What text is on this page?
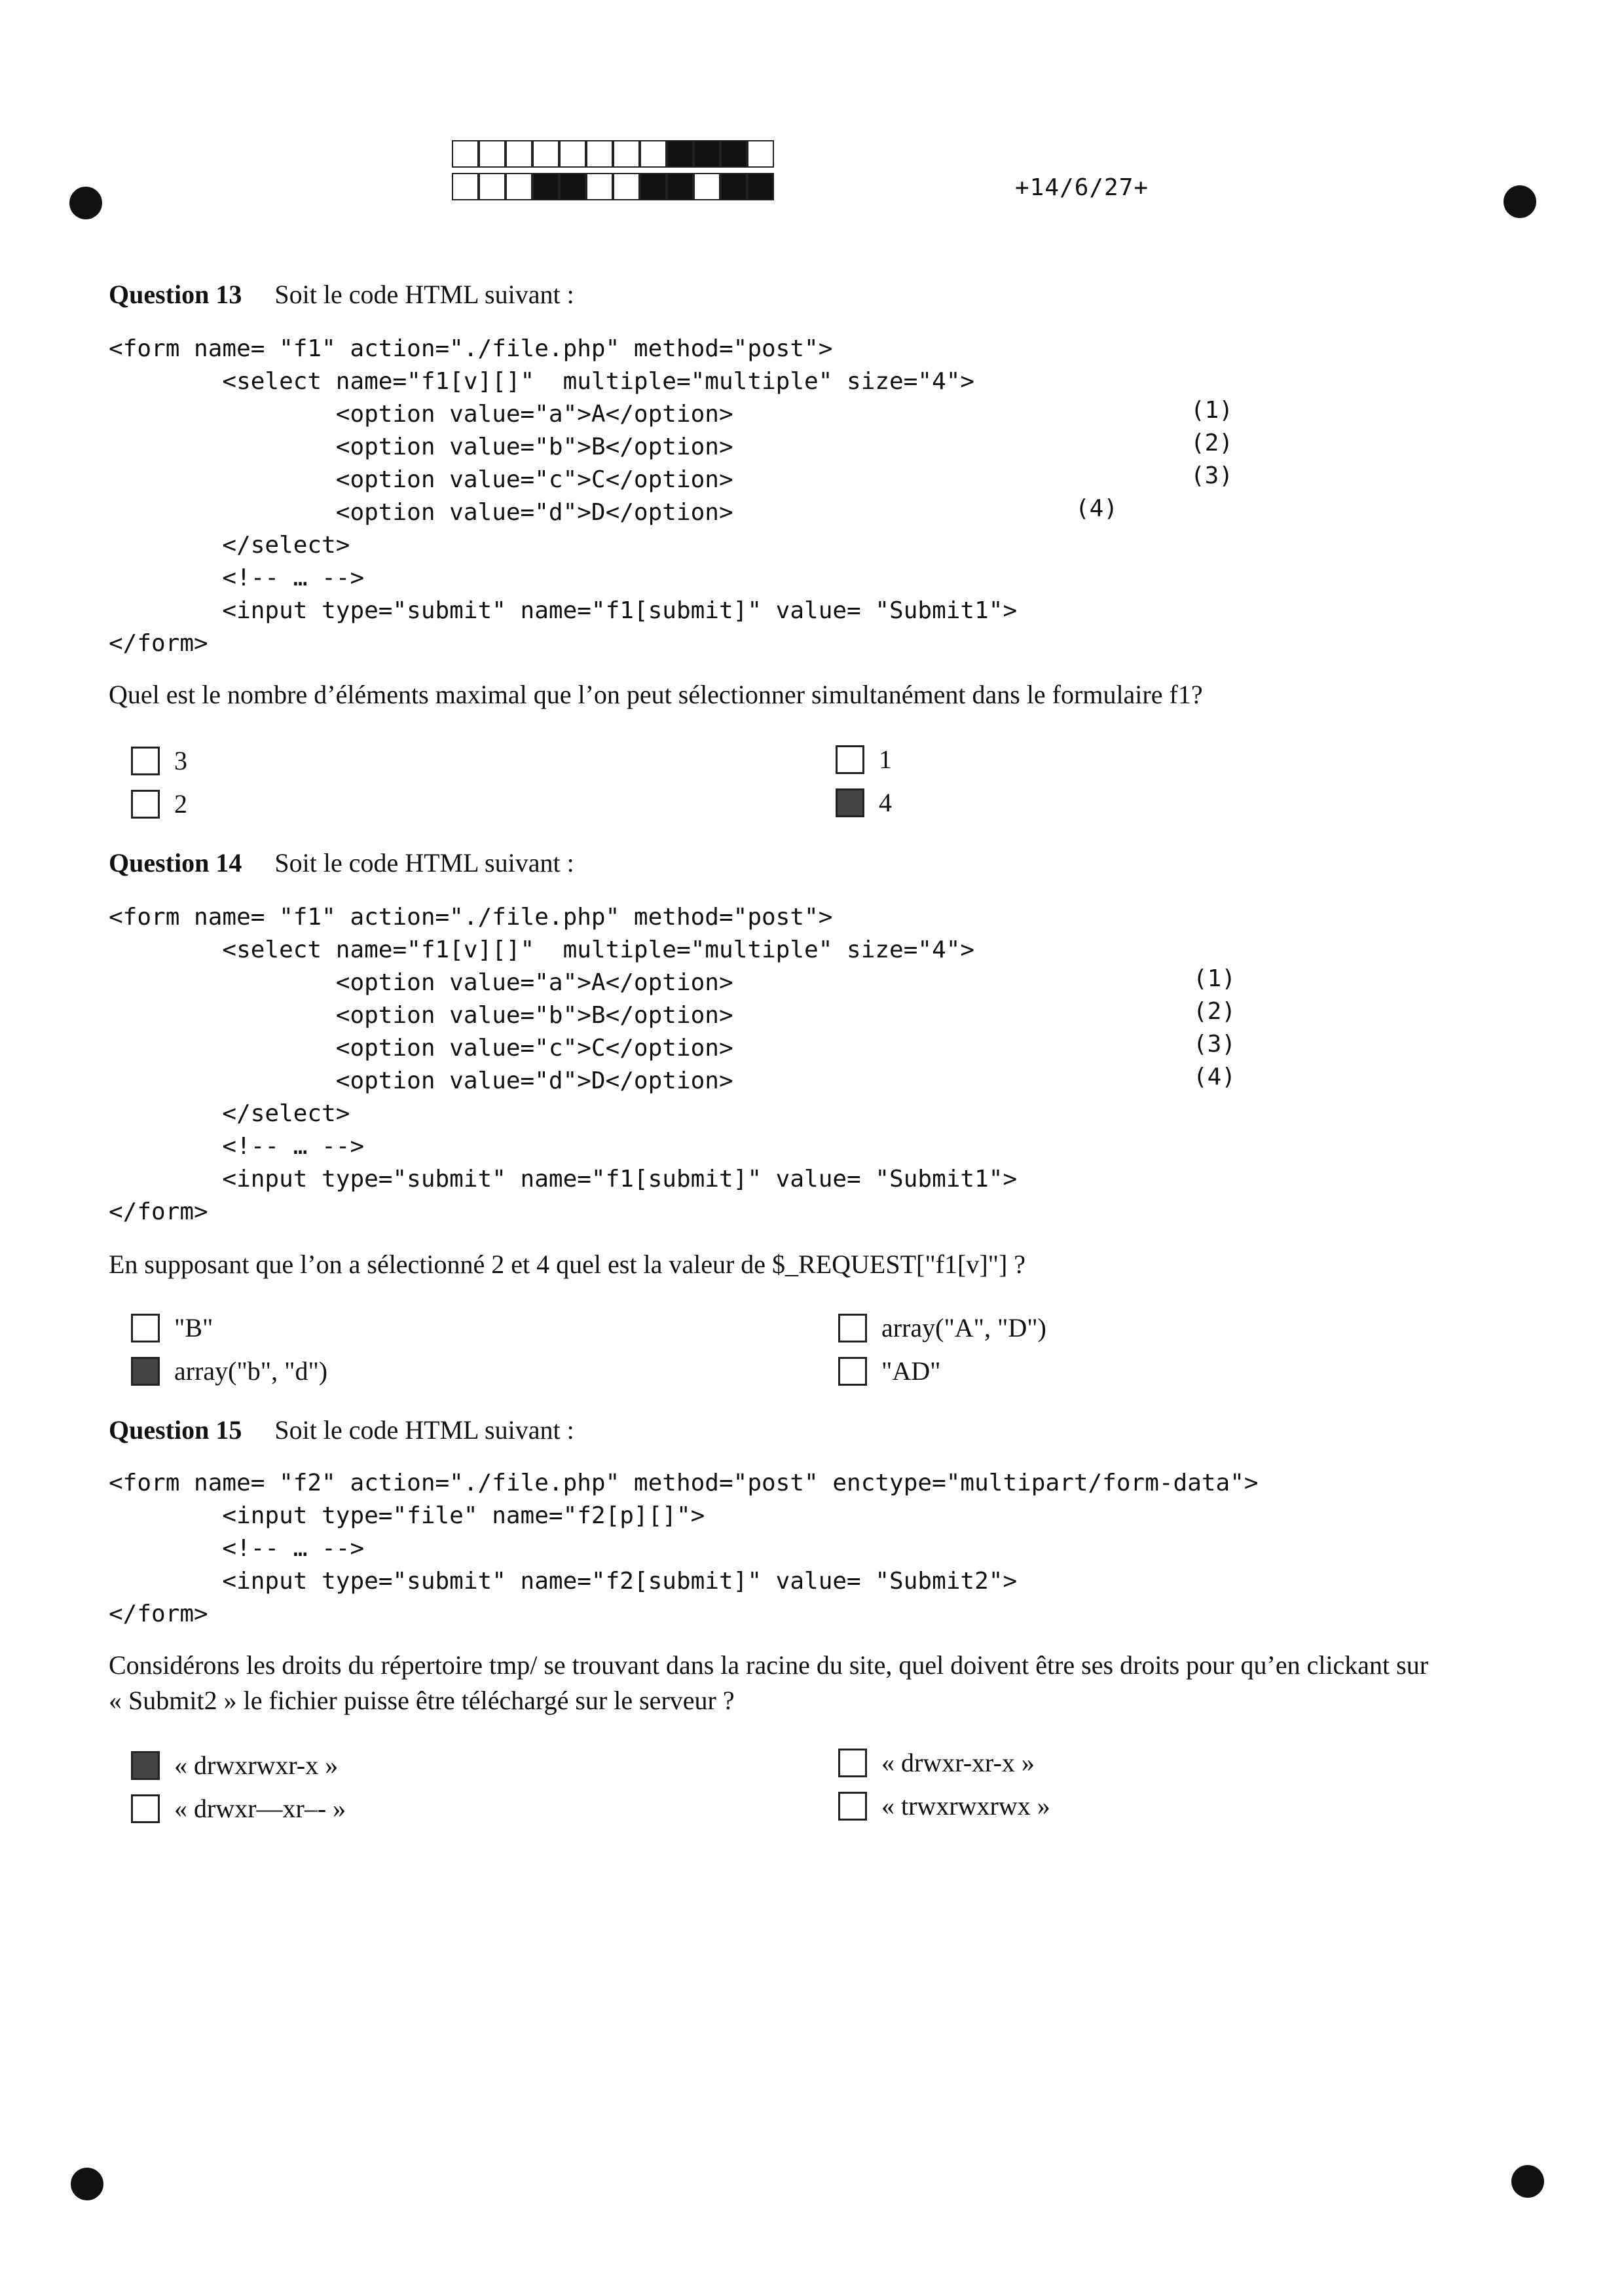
+14/6/27+
Question 13 Soit le code HTML suivant :
<form name= "f1" action="./file.php" method="post">
<select name="f1[v][]"  multiple="multiple" size="4">
<option value="a">A</option>
<option value="b">B</option>
<option value="c">C</option>
<option value="d">D</option>
</select>
<!-- … -->
<input type="submit" name="f1[submit]" value= "Submit1">
</form>
(1)
(2)
(3)
(4)
Quel est le nombre d’éléments maximal que l’on peut sélectionner simultanément dans le formulaire f1?
3
2
1
4
Question 14 Soit le code HTML suivant :
<form name= "f1" action="./file.php" method="post">
<select name="f1[v][]"  multiple="multiple" size="4">
<option value="a">A</option>
<option value="b">B</option>
<option value="c">C</option>
<option value="d">D</option>
</select>
<!-- … -->
<input type="submit" name="f1[submit]" value= "Submit1">
</form>
(1)
(2)
(3)
(4)
En supposant que l’on a sélectionné 2 et 4 quel est la valeur de $_REQUEST["f1[v]"] ?
"B"
array("b", "d")
array("A", "D")
"AD"
Question 15 Soit le code HTML suivant :
<form name= "f2" action="./file.php" method="post" enctype="multipart/form-data">
<input type="file" name="f2[p][]">
<!-- … -->
<input type="submit" name="f2[submit]" value= "Submit2">
</form>
Considérons les droits du répertoire tmp/ se trouvant dans la racine du site, quel doivent être ses droits pour qu’en clickant sur
« Submit2 » le fichier puisse être téléchargé sur le serveur ?
« drwxrwxr-x »
« drwxr—xr–- »
« drwxr-xr-x »
« trwxrwxrwx »
